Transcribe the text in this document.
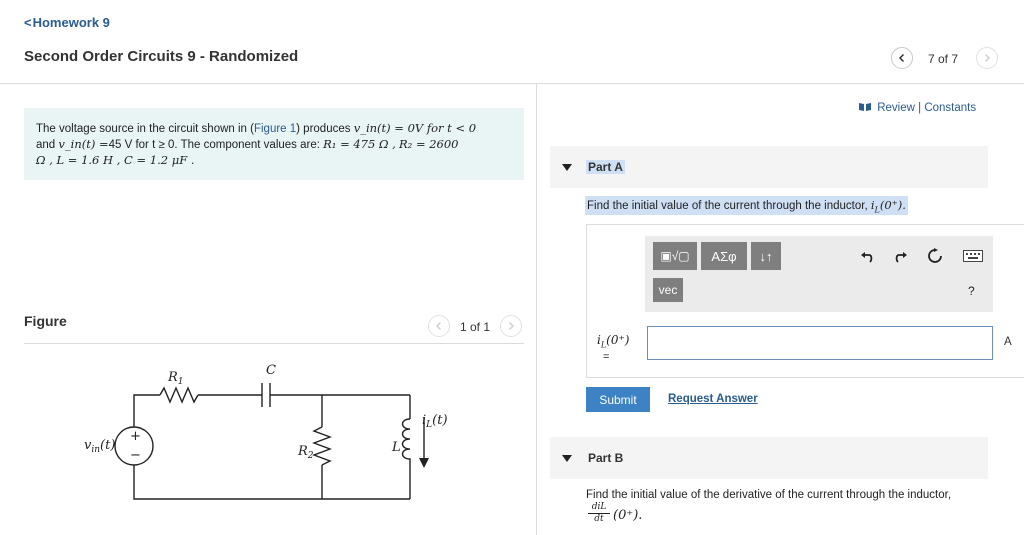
<Homework 9
Second Order Circuits 9 - Randomized	7 of 7
The voltage source in the circuit shown in (Figure 1) produces v_in(t) = 0V for t < 0
and v_in(t) =45 V for t ≥ 0. The component values are: R₁ = 475 Ω , R₂ = 2600
Ω , L = 1.6 H , C = 1.2 μF .
Figure	1 of 1
+
−
$R_1$
C
$R_2$
L
$v_{in}(t)$
$i_L(t)$
Review | Constants
Part A
Find the initial value of the current through the inductor, $i_L(0^+)$.
▣√▢	ΑΣφ	↓↑
vec	?
$i_L(0^+)$
=
A
Submit	Request Answer
Part B
Find the initial value of the derivative of the current through the inductor,
diL
dt (0⁺).
